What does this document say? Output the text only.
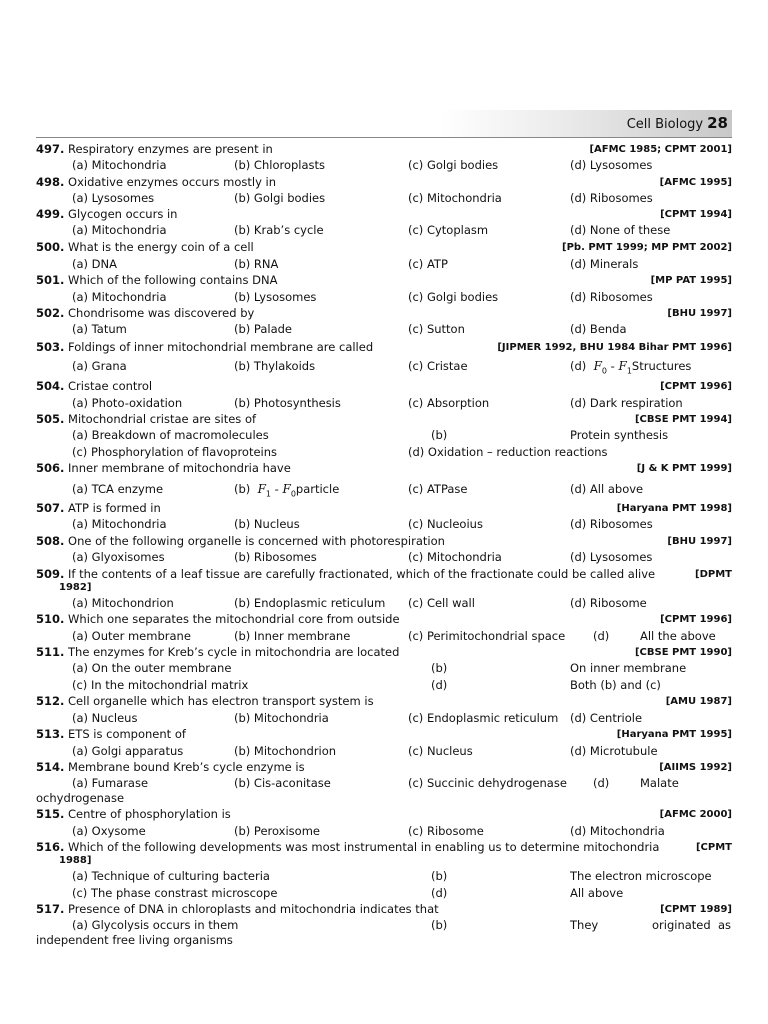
Cell Biology 28
497. Respiratory enzymes are present in	[AFMC 1985; CPMT 2001]
(a) Mitochondria	(b) Chloroplasts	(c) Golgi bodies	(d) Lysosomes
498. Oxidative enzymes occurs mostly in	[AFMC 1995]
(a) Lysosomes	(b) Golgi bodies	(c) Mitochondria	(d) Ribosomes
499. Glycogen occurs in	[CPMT 1994]
(a) Mitochondria	(b) Krab’s cycle	(c) Cytoplasm	(d) None of these
500. What is the energy coin of a cell	[Pb. PMT 1999; MP PMT 2002]
(a) DNA	(b) RNA	(c) ATP	(d) Minerals
501. Which of the following contains DNA	[MP PAT 1995]
(a) Mitochondria	(b) Lysosomes	(c) Golgi bodies	(d) Ribosomes
502. Chondrisome was discovered by	[BHU 1997]
(a) Tatum	(b) Palade	(c) Sutton	(d) Benda
503. Foldings of inner mitochondrial membrane are called	[JIPMER 1992, BHU 1984 Bihar PMT 1996]
(a) Grana	(b) Thylakoids	(c) Cristae	(d) $F_0$ - $F_1Structures$
504. Cristae control	[CPMT 1996]
(a) Photo-oxidation	(b) Photosynthesis	(c) Absorption	(d) Dark respiration
505. Mitochondrial cristae are sites of	[CBSE PMT 1994]
(a) Breakdown of macromolecules	(b)	Protein synthesis
(c) Phosphorylation of flavoproteins	(d) Oxidation – reduction reactions
506. Inner membrane of mitochondria have	[J & K PMT 1999]
(a) TCA enzyme	(b) $F_1$ - $F_0particle$	(c) ATPase	(d) All above
507. ATP is formed in	[Haryana PMT 1998]
(a) Mitochondria	(b) Nucleus	(c) Nucleoius	(d) Ribosomes
508. One of the following organelle is concerned with photorespiration	[BHU 1997]
(a) Glyoxisomes	(b) Ribosomes	(c) Mitochondria	(d) Lysosomes
509. If the contents of a leaf tissue are carefully fractionated, which of the fractionate could be called alive	[DPMT
1982]
(a) Mitochondrion	(b) Endoplasmic reticulum (c) Cell wall	(d) Ribosome
510. Which one separates the mitochondrial core from outside	[CPMT 1996]
(a) Outer membrane	(b) Inner membrane	(c) Perimitochondrial space (d)	All the above
511. The enzymes for Kreb’s cycle in mitochondria are located	[CBSE PMT 1990]
(a) On the outer membrane	(b)	On inner membrane
(c) In the mitochondrial matrix	(d)	Both (b) and (c)
512. Cell organelle which has electron transport system is	[AMU 1987]
(a) Nucleus	(b) Mitochondria	(c) Endoplasmic reticulum (d) Centriole
513. ETS is component of	[Haryana PMT 1995]
(a) Golgi apparatus	(b) Mitochondrion	(c) Nucleus	(d) Microtubule
514. Membrane bound Kreb’s cycle enzyme is	[AIIMS 1992]
(a) Fumarase	(b) Cis-aconitase	(c) Succinic dehydrogenase (d)	Malate
ochydrogenase
515. Centre of phosphorylation is	[AFMC 2000]
(a) Oxysome	(b) Peroxisome	(c) Ribosome	(d) Mitochondria
516. Which of the following developments was most instrumental in enabling us to determine mitochondria	[CPMT
1988]
(a) Technique of culturing bacteria	(b)	The electron microscope
(c) The phase constrast microscope	(d)	All above
517. Presence of DNA in chloroplasts and mitochondria indicates that	[CPMT 1989]
(a) Glycolysis occurs in them	(b)	They	originated as
independent free living organisms
